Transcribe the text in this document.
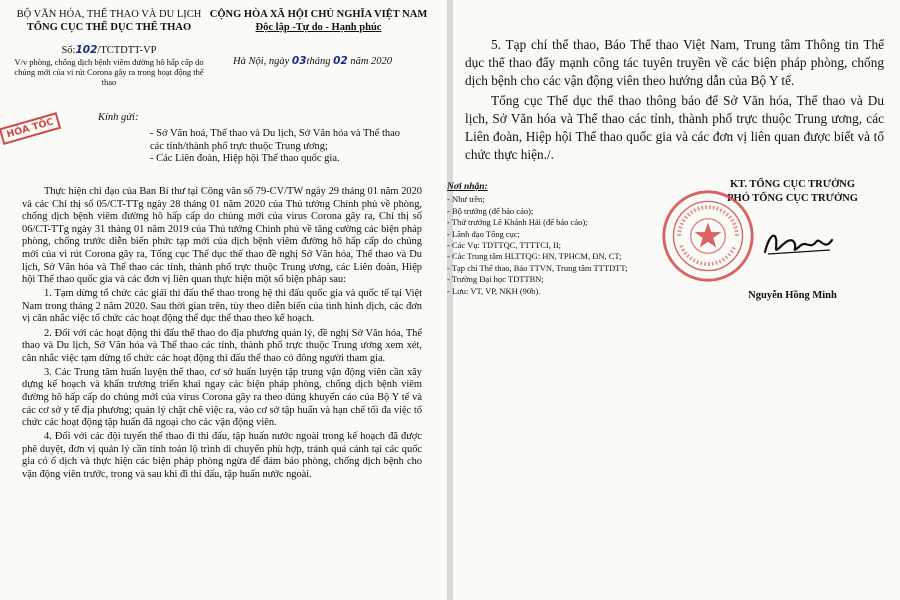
BỘ VĂN HÓA, THỂ THAO VÀ DU LỊCH
TỔNG CỤC THỂ DỤC THỂ THAO
Số:102/TCTDTT-VP
V/v phòng, chống dịch bệnh viêm đường hô hấp cấp do chủng mới của vi rút Corona gây ra trong hoạt động thể thao
CỘNG HÒA XÃ HỘI CHỦ NGHĨA VIỆT NAM
Độc lập -Tự do - Hạnh phúc
Hà Nội, ngày 03tháng 02 năm 2020
HỎA TỐC	Kính gửi:
- Sở Văn hoá, Thể thao và Du lịch, Sở Văn hóa và Thể thao các tỉnh/thành phố trực thuộc Trung ương;
- Các Liên đoàn, Hiệp hội Thể thao quốc gia.

Thực hiện chỉ đạo của Ban Bí thư tại Công văn số 79-CV/TW ngày 29 tháng 01 năm 2020 và các Chỉ thị số 05/CT-TTg ngày 28 tháng 01 năm 2020 của Thủ tướng Chính phủ về phòng, chống dịch bệnh viêm đường hô hấp cấp do chủng mới của virus Corona gây ra, Chỉ thị số 06/CT-TTg ngày 31 tháng 01 năm 2019 của Thủ tướng Chính phủ về tăng cường các biện pháp phòng, chống trước diễn biến phức tạp mới của dịch bệnh viêm đường hô hấp cấp do chủng mới của vi rút Corona gây ra, Tổng cục Thể dục thể thao đề nghị Sở Văn hóa, Thể thao và Du lịch, Sở Văn hóa và Thể thao các tỉnh, thành phố trực thuộc Trung ương, các Liên đoàn, Hiệp hội Thể thao quốc gia và các đơn vị liên quan thực hiện một số biện pháp sau:

1. Tạm dừng tổ chức các giải thi đấu thể thao trong hệ thi đấu quốc gia và quốc tế tại Việt Nam trong tháng 2 năm 2020. Sau thời gian trên, tùy theo diễn biến của tình hình dịch, các đơn vị cân nhắc việc tổ chức các hoạt động thể dục thể thao theo kế hoạch.

2. Đối với các hoạt động thi đấu thể thao do địa phương quản lý, đề nghị Sở Văn hóa, Thể thao và Du lịch, Sở Văn hóa và Thể thao các tỉnh, thành phố trực thuộc Trung ương xem xét, cân nhắc việc tạm dừng tổ chức các hoạt động thi đấu thể thao có đông người tham gia.

3. Các Trung tâm huấn luyện thể thao, cơ sở huấn luyện tập trung vận động viên cần xây dựng kế hoạch và khẩn trương triển khai ngay các biện pháp phòng, chống dịch bệnh viêm đường hô hấp cấp do chủng mới của virus Corona gây ra theo đúng khuyến cáo của Bộ Y tế và các cơ sở y tế địa phương; quản lý chặt chẽ việc ra, vào cơ sở tập huấn và hạn chế tối đa việc tổ chức các hoạt động tập huấn đã ngoại cho các vận động viên.

4. Đối với các đội tuyển thể thao đi thi đấu, tập huấn nước ngoài trong kế hoạch đã được phê duyệt, đơn vị quản lý cần tính toán lộ trình di chuyển phù hợp, tránh quá cảnh tại các quốc gia có ổ dịch và thực hiện các biện pháp phòng ngừa để đảm bảo phòng, chống dịch bệnh cho vận động viên trước, trong và sau khi đi thi đấu, tập huấn nước ngoài.

5. Tạp chí thể thao, Báo Thể thao Việt Nam, Trung tâm Thông tin Thể dục thể thao đẩy mạnh công tác tuyên truyền về các biện pháp phòng, chống dịch bệnh cho các vận động viên theo hướng dẫn của Bộ Y tế.

Tổng cục Thể dục thể thao thông báo để Sở Văn hóa, Thể thao và Du lịch, Sở Văn hóa và Thể thao các tỉnh, thành phố trực thuộc Trung ương, các Liên đoàn, Hiệp hội Thể thao quốc gia và các đơn vị liên quan được biết và tổ chức thực hiện./.

Nơi nhận:
- Như trên;
- Bộ trưởng (để báo cáo);
- Thứ trưởng Lê Khánh Hải (để báo cáo);
- Lãnh đạo Tổng cục;
- Các Vụ: TDTTQC, TTTTCI, II;
- Các Trung tâm HLTTQG: HN, TPHCM, ĐN, CT;
- Tạp chí Thể thao, Báo TTVN, Trung tâm TTTDTT;
- Trường Đại học TDTTBN;
- Lưu: VT, VP, NKH (90b).
KT. TỔNG CỤC TRƯỞNG
PHÓ TỔNG CỤC TRƯỞNG
Nguyễn Hồng Minh
